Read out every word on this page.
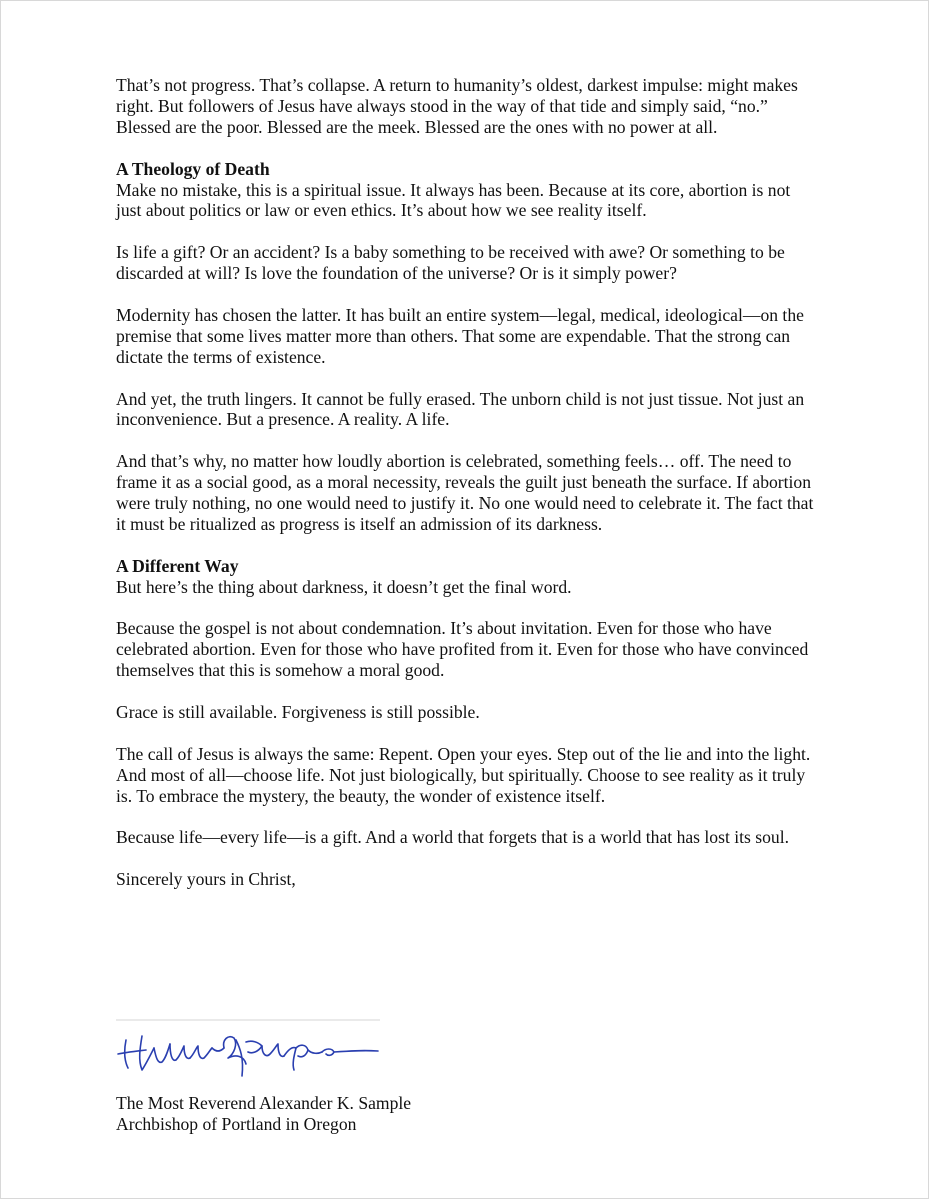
That’s not progress. That’s collapse. A return to humanity’s oldest, darkest impulse: might makes right. But followers of Jesus have always stood in the way of that tide and simply said, “no.” Blessed are the poor. Blessed are the meek. Blessed are the ones with no power at all.

A Theology of Death

Make no mistake, this is a spiritual issue. It always has been. Because at its core, abortion is not just about politics or law or even ethics. It’s about how we see reality itself.

Is life a gift? Or an accident? Is a baby something to be received with awe? Or something to be discarded at will? Is love the foundation of the universe? Or is it simply power?

Modernity has chosen the latter. It has built an entire system—legal, medical, ideological—on the premise that some lives matter more than others. That some are expendable. That the strong can dictate the terms of existence.

And yet, the truth lingers. It cannot be fully erased. The unborn child is not just tissue. Not just an inconvenience. But a presence. A reality. A life.

And that’s why, no matter how loudly abortion is celebrated, something feels… off. The need to frame it as a social good, as a moral necessity, reveals the guilt just beneath the surface. If abortion were truly nothing, no one would need to justify it. No one would need to celebrate it. The fact that it must be ritualized as progress is itself an admission of its darkness.

A Different Way

But here’s the thing about darkness, it doesn’t get the final word.

Because the gospel is not about condemnation. It’s about invitation. Even for those who have celebrated abortion. Even for those who have profited from it. Even for those who have convinced themselves that this is somehow a moral good.

Grace is still available. Forgiveness is still possible.

The call of Jesus is always the same: Repent. Open your eyes. Step out of the lie and into the light. And most of all—choose life. Not just biologically, but spiritually. Choose to see reality as it truly is. To embrace the mystery, the beauty, the wonder of existence itself.

Because life—every life—is a gift. And a world that forgets that is a world that has lost its soul.

Sincerely yours in Christ,

The Most Reverend Alexander K. Sample
Archbishop of Portland in Oregon
